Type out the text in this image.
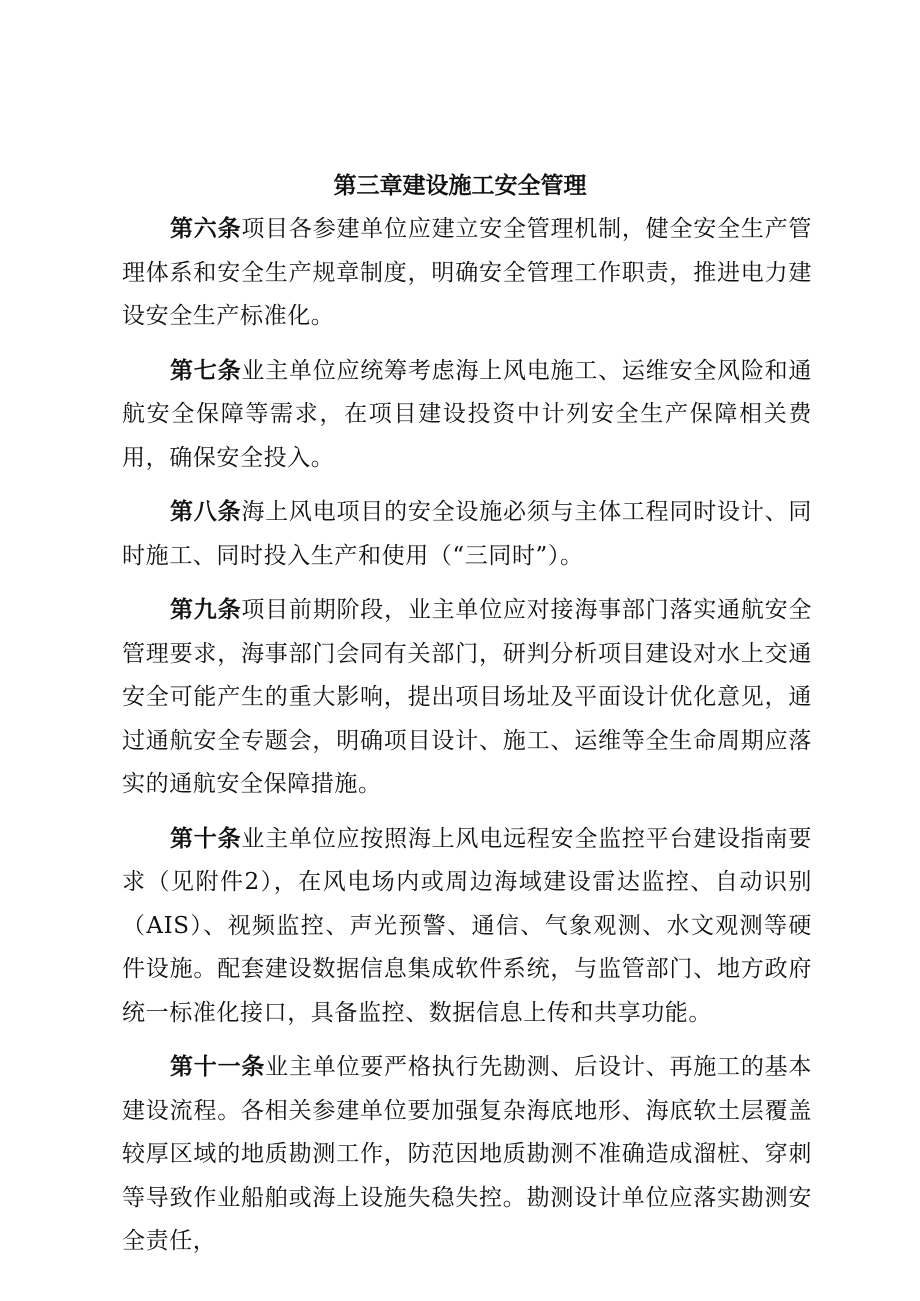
第三章建设施工安全管理

第六条项目各参建单位应建立安全管理机制，健全安全生产管理体系和安全生产规章制度，明确安全管理工作职责，推进电力建设安全生产标准化。

第七条业主单位应统筹考虑海上风电施工、运维安全风险和通航安全保障等需求，在项目建设投资中计列安全生产保障相关费用，确保安全投入。

第八条海上风电项目的安全设施必须与主体工程同时设计、同时施工、同时投入生产和使用（“三同时”）。

第九条项目前期阶段，业主单位应对接海事部门落实通航安全管理要求，海事部门会同有关部门，研判分析项目建设对水上交通安全可能产生的重大影响，提出项目场址及平面设计优化意见，通过通航安全专题会，明确项目设计、施工、运维等全生命周期应落实的通航安全保障措施。

第十条业主单位应按照海上风电远程安全监控平台建设指南要求（见附件2），在风电场内或周边海域建设雷达监控、自动识别（AIS）、视频监控、声光预警、通信、气象观测、水文观测等硬件设施。配套建设数据信息集成软件系统，与监管部门、地方政府统一标准化接口，具备监控、数据信息上传和共享功能。

第十一条业主单位要严格执行先勘测、后设计、再施工的基本建设流程。各相关参建单位要加强复杂海底地形、海底软土层覆盖较厚区域的地质勘测工作，防范因地质勘测不准确造成溜桩、穿刺等导致作业船舶或海上设施失稳失控。勘测设计单位应落实勘测安全责任，
